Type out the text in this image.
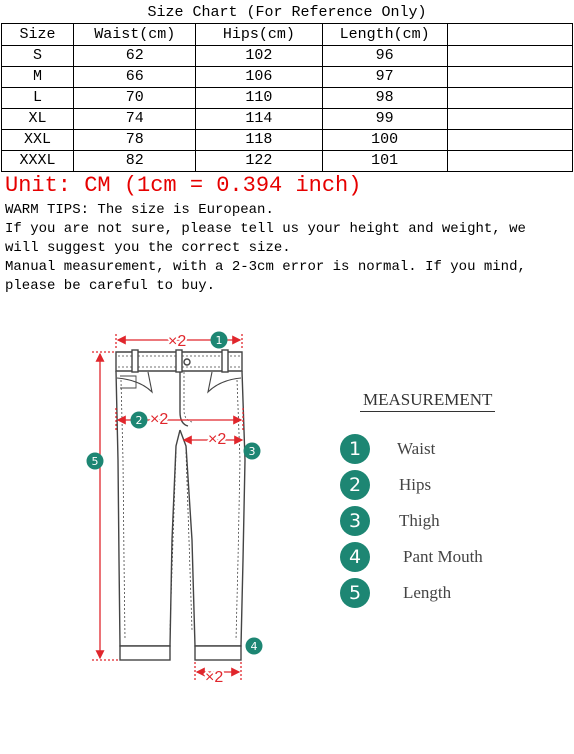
Size Chart (For Reference Only)
Size	Waist(cm)	Hips(cm)	Length(cm)	
S	62	102	96	
M	66	106	97	
L	70	110	98	
XL	74	114	99	
XXL	78	118	100	
XXXL	82	122	101	
Unit: CM (1cm = 0.394 inch)
WARM TIPS: The size is European.
If you are not sure, please tell us your height and weight, we
will suggest you the correct size.
Manual measurement, with a 2-3cm error is normal. If you mind,
please be careful to buy.
×2
×2
×2
×2
1
2
3
4
5
MEASUREMENT
1	Waist
2	Hips
3	Thigh
4	Pant Mouth
5	Length
